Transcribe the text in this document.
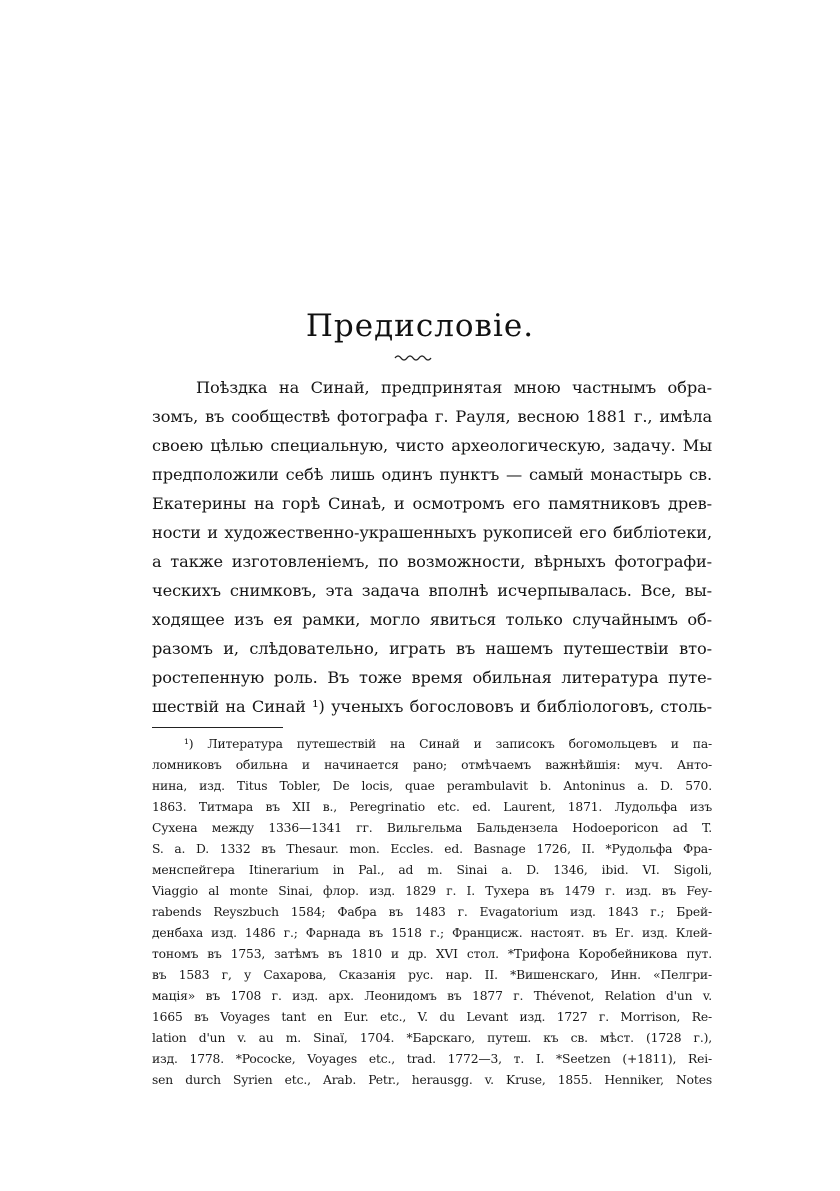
Предисловіе.
Поѣздка на Синай, предпринятая мною частнымъ обра-
зомъ, въ сообществѣ фотографа г. Рауля, весною 1881 г., имѣла
своею цѣлью специальную, чисто археологическую, задачу. Мы
предположили себѣ лишь одинъ пунктъ — самый монастырь св.
Екатерины на горѣ Синаѣ, и осмотромъ его памятниковъ древ-
ности и художественно-украшенныхъ рукописей его библіотеки,
а также изготовленіемъ, по возможности, вѣрныхъ фотографи-
ческихъ снимковъ, эта задача вполнѣ исчерпывалась. Все, вы-
ходящее изъ ея рамки, могло явиться только случайнымъ об-
разомъ и, слѣдовательно, играть въ нашемъ путешествіи вто-
ростепенную роль. Въ тоже время обильная литература путе-
шествій на Синай ¹) ученыхъ богослововъ и библіологовъ, столь-
¹) Литература путешествій на Синай и записокъ богомольцевъ и па-
ломниковъ обильна и начинается рано; отмѣчаемъ важнѣйшія: муч. Анто-
нина, изд. Titus Tobler, De locis, quae perambulavit b. Antoninus a. D. 570.
1863. Титмара въ XII в., Peregrinatio etc. ed. Laurent, 1871. Лудольфа изъ
Сухена между 1336—1341 гг. Вильгельма Бальдензела Hodoeporicon ad T.
S. a. D. 1332 въ Thesaur. mon. Eccles. ed. Basnage 1726, II. *Рудольфа Фра-
менспейгера Itinerarium in Pal., ad m. Sinai a. D. 1346, ibid. VI. Sigoli,
Viaggio al monte Sinai, флор. изд. 1829 г. I. Тухера въ 1479 г. изд. въ Fey-
rabends Reyszbuch 1584; Фабра въ 1483 г. Evagatorium изд. 1843 г.; Брей-
денбаха изд. 1486 г.; Фарнада въ 1518 г.; Францисж. настоят. въ Ег. изд. Клей-
тономъ въ 1753, затѣмъ въ 1810 и др. XVI стол. *Трифона Коробейникова пут.
въ 1583 г, у Сахарова, Сказанія рус. нар. II. *Вишенскаго, Инн. «Пелгри-
мація» въ 1708 г. изд. арх. Леонидомъ въ 1877 г. Thévenot, Relation d'un v.
1665 въ Voyages tant en Eur. etc., V. du Levant изд. 1727 г. Morrison, Re-
lation d'un v. au m. Sinaï, 1704. *Барскаго, путеш. къ св. мѣст. (1728 г.),
изд. 1778. *Pococke, Voyages etc., trad. 1772—3, т. I. *Seetzen (+1811), Rei-
sen durch Syrien etc., Arab. Petr., herausgg. v. Kruse, 1855. Henniker, Notes
